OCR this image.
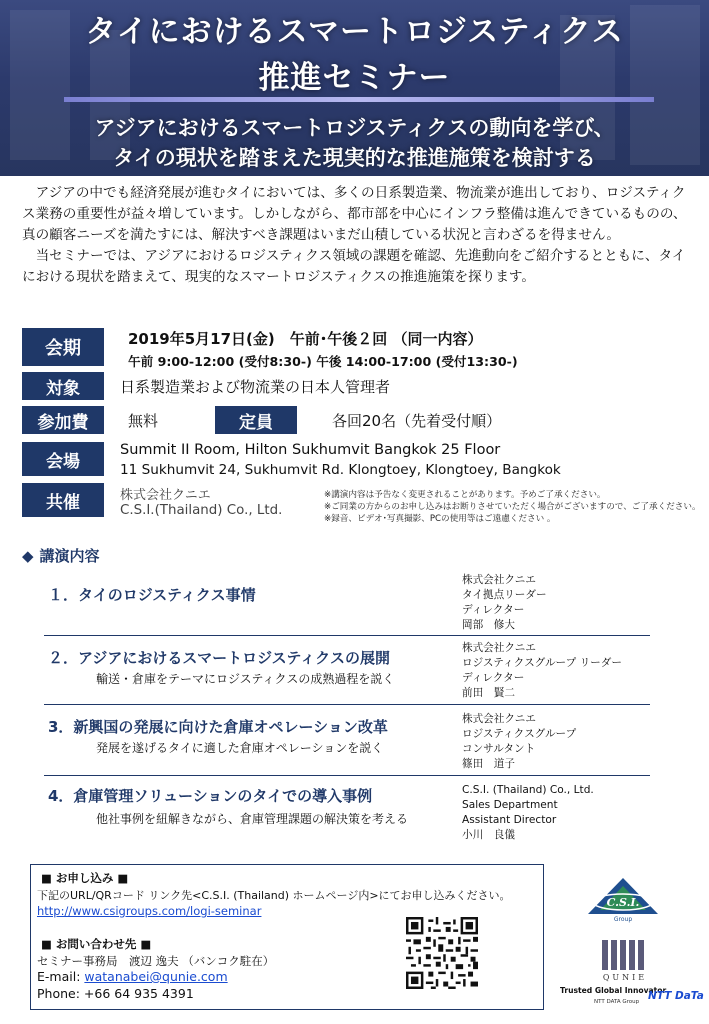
タイにおけるスマートロジスティクス
推進セミナー
アジアにおけるスマートロジスティクスの動向を学び、
タイの現状を踏まえた現実的な推進施策を検討する

アジアの中でも経済発展が進むタイにおいては、多くの日系製造業、物流業が進出しており、ロジスティクス業務の重要性が益々増しています。しかしながら、都市部を中心にインフラ整備は進んできているものの、真の顧客ニーズを満たすには、解決すべき課題はいまだ山積している状況と言わざるを得ません。

当セミナーでは、アジアにおけるロジスティクス領域の課題を確認、先進動向をご紹介するとともに、タイにおける現状を踏まえて、現実的なスマートロジスティクスの推進施策を探ります。

会期	2019年5月17日(金)　午前･午後２回 （同一内容）
午前 9:00-12:00 (受付8:30-) 午後 14:00-17:00 (受付13:30-)
対象	日系製造業および物流業の日本人管理者
参加費	無料	定員	各回20名（先着受付順）
会場
Summit II Room, Hilton Sukhumvit Bangkok 25 Floor
11 Sukhumvit 24, Sukhumvit Rd. Klongtoey, Klongtoey, Bangkok
共催	株式会社クニエ
C.S.I.(Thailand) Co., Ltd.
※講演内容は予告なく変更されることがあります。予めご了承ください。
※ご同業の方からのお申し込みはお断りさせていただく場合がございますので、ご了承ください。
※録音、ビデオ･写真撮影、PCの使用等はご遠慮ください 。
◆ 講演内容
１．タイのロジスティクス事情
株式会社クニエ
タイ拠点リーダー
ディレクター
岡部　修大
２．アジアにおけるスマートロジスティクスの展開
輸送・倉庫をテーマにロジスティクスの成熟過程を説く
株式会社クニエ
ロジスティクスグループ リーダー
ディレクター
前田　賢二
3．新興国の発展に向けた倉庫オペレーション改革
発展を遂げるタイに適した倉庫オペレーションを説く
株式会社クニエ
ロジスティクスグループ
コンサルタント
篠田　道子
4．倉庫管理ソリューションのタイでの導入事例
他社事例を紐解きながら、倉庫管理課題の解決策を考える
C.S.I. (Thailand) Co., Ltd.
Sales Department
Assistant Director
小川　良儀
■ お申し込み ■
下記のURL/QRコード リンク先<C.S.I. (Thailand) ホームページ内>にてお申し込みください。
http://www.csigroups.com/logi-seminar
■ お問い合わせ先 ■
セミナー事務局　渡辺 逸夫 （バンコク駐在）
E-mail: watanabei@qunie.com
Phone: +66 64 935 4391
C.S.I.
Group
QUNIE
Trusted Global Innovator
NTT DATA Group NTT DaTa
